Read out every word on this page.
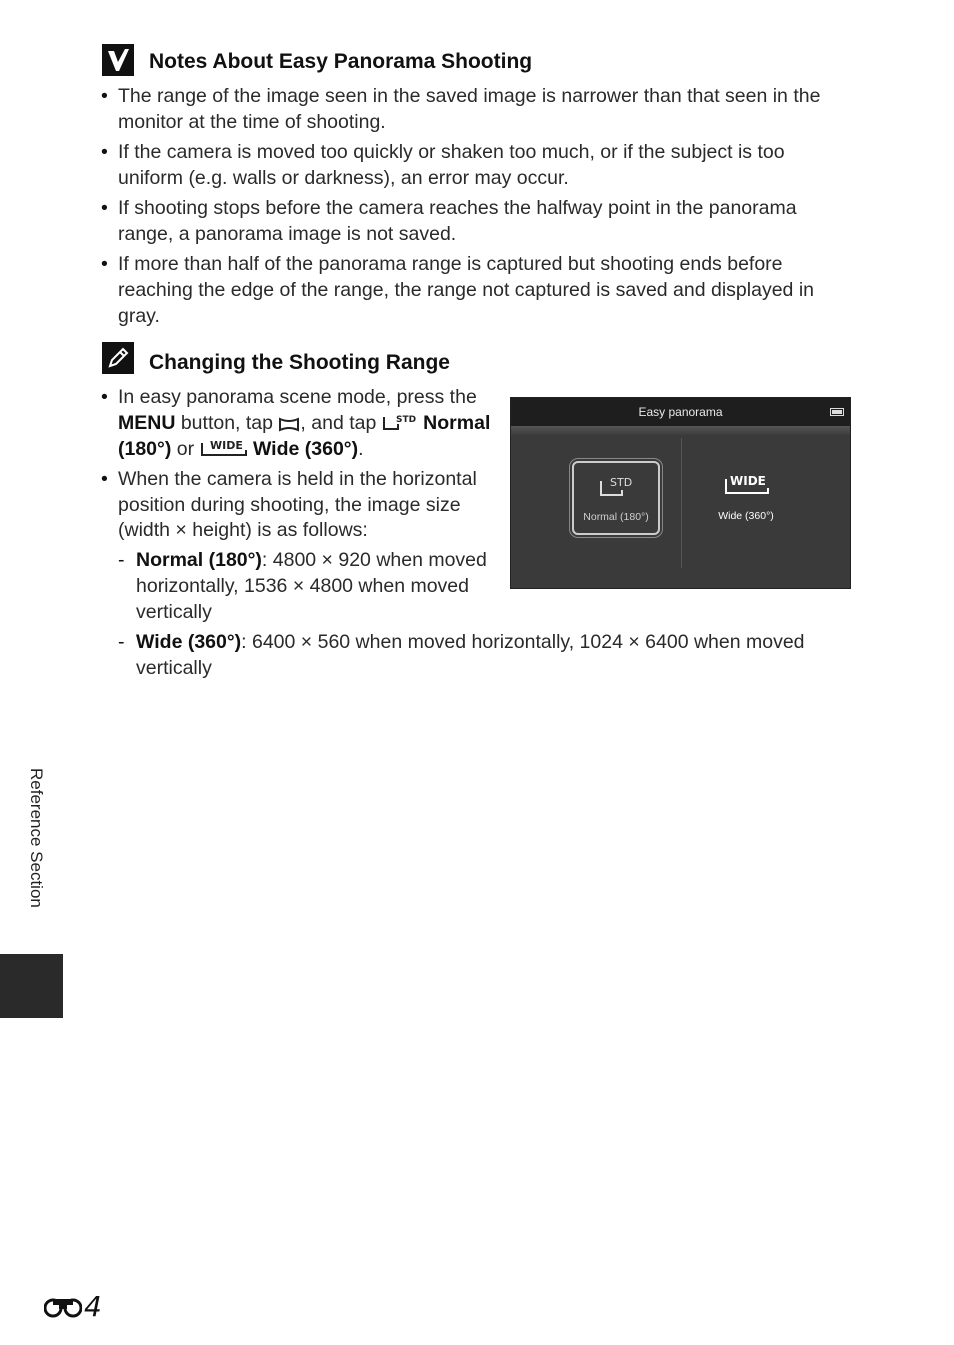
Notes About Easy Panorama Shooting
• The range of the image seen in the saved image is narrower than that seen in the monitor at the time of shooting.
• If the camera is moved too quickly or shaken too much, or if the subject is too uniform (e.g. walls or darkness), an error may occur.
• If shooting stops before the camera reaches the halfway point in the panorama range, a panorama image is not saved.
• If more than half of the panorama range is captured but shooting ends before reaching the edge of the range, the range not captured is saved and displayed in gray.
Changing the Shooting Range
• In easy panorama scene mode, press the MENU button, tap , and tap STD Normal (180°) or WIDE Wide (360°).
• When the camera is held in the horizontal position during shooting, the image size (width × height) is as follows:
- Normal (180°): 4800 × 920 when moved horizontally, 1536 × 4800 when moved vertically
- Wide (360°): 6400 × 560 when moved horizontally, 1024 × 6400 when moved vertically
Easy panorama
STD
Normal (180°)
WIDE
Wide (360°)
Reference Section
4
